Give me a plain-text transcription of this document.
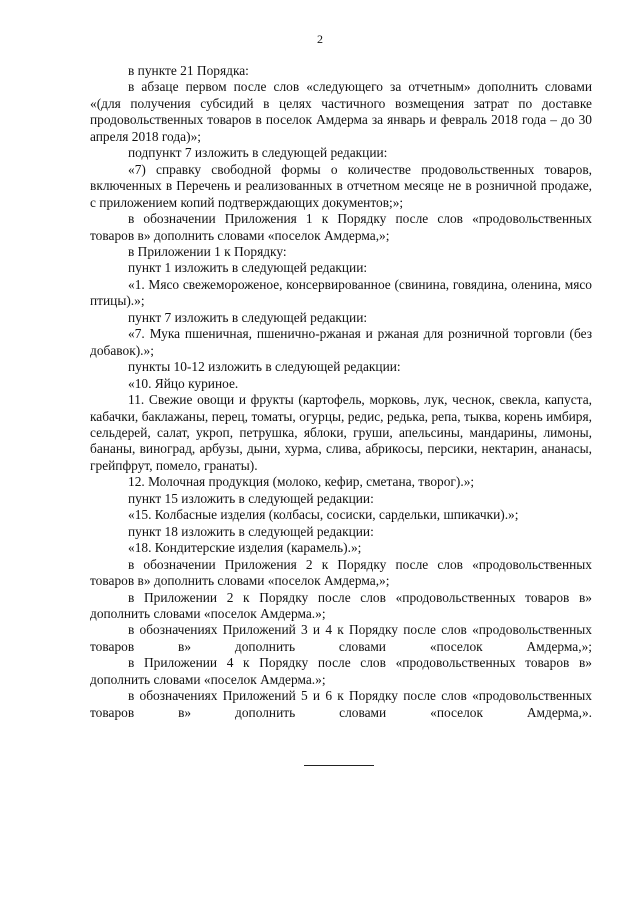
2

в пункте 21 Порядка:

в абзаце первом после слов «следующего за отчетным» дополнить словами «(для получения субсидий в целях частичного возмещения затрат по доставке продовольственных товаров в поселок Амдерма за январь и февраль 2018 года – до 30 апреля 2018 года)»;

подпункт 7 изложить в следующей редакции:

«7) справку свободной формы о количестве продовольственных товаров, включенных в Перечень и реализованных в отчетном месяце не в розничной продаже, с приложением копий подтверждающих документов;»;

в обозначении Приложения 1 к Порядку после слов «продовольственных товаров в» дополнить словами «поселок Амдерма,»;

в Приложении 1 к Порядку:

пункт 1 изложить в следующей редакции:

«1. Мясо свежемороженое, консервированное (свинина, говядина, оленина, мясо птицы).»;

пункт 7 изложить в следующей редакции:

«7. Мука пшеничная, пшенично-ржаная и ржаная для розничной торговли (без добавок).»;

пункты 10-12 изложить в следующей редакции:

«10. Яйцо куриное.

11. Свежие овощи и фрукты (картофель, морковь, лук, чеснок, свекла, капуста, кабачки, баклажаны, перец, томаты, огурцы, редис, редька, репа, тыква, корень имбиря, сельдерей, салат, укроп, петрушка, яблоки, груши, апельсины, мандарины, лимоны, бананы, виноград, арбузы, дыни, хурма, слива, абрикосы, персики, нектарин, ананасы, грейпфрут, помело, гранаты).

12. Молочная продукция (молоко, кефир, сметана, творог).»;

пункт 15 изложить в следующей редакции:

«15. Колбасные изделия (колбасы, сосиски, сардельки, шпикачки).»;

пункт 18 изложить в следующей редакции:

«18. Кондитерские изделия (карамель).»;

в обозначении Приложения 2 к Порядку после слов «продовольственных товаров в» дополнить словами «поселок Амдерма,»;

в Приложении 2 к Порядку после слов «продовольственных товаров в» дополнить словами «поселок Амдерма.»;

в обозначениях Приложений 3 и 4 к Порядку после слов «продовольственных товаров в» дополнить словами «поселок Амдерма,»;

в Приложении 4 к Порядку после слов «продовольственных товаров в» дополнить словами «поселок Амдерма.»;

в обозначениях Приложений 5 и 6 к Порядку после слов «продовольственных товаров в» дополнить словами «поселок Амдерма,».
